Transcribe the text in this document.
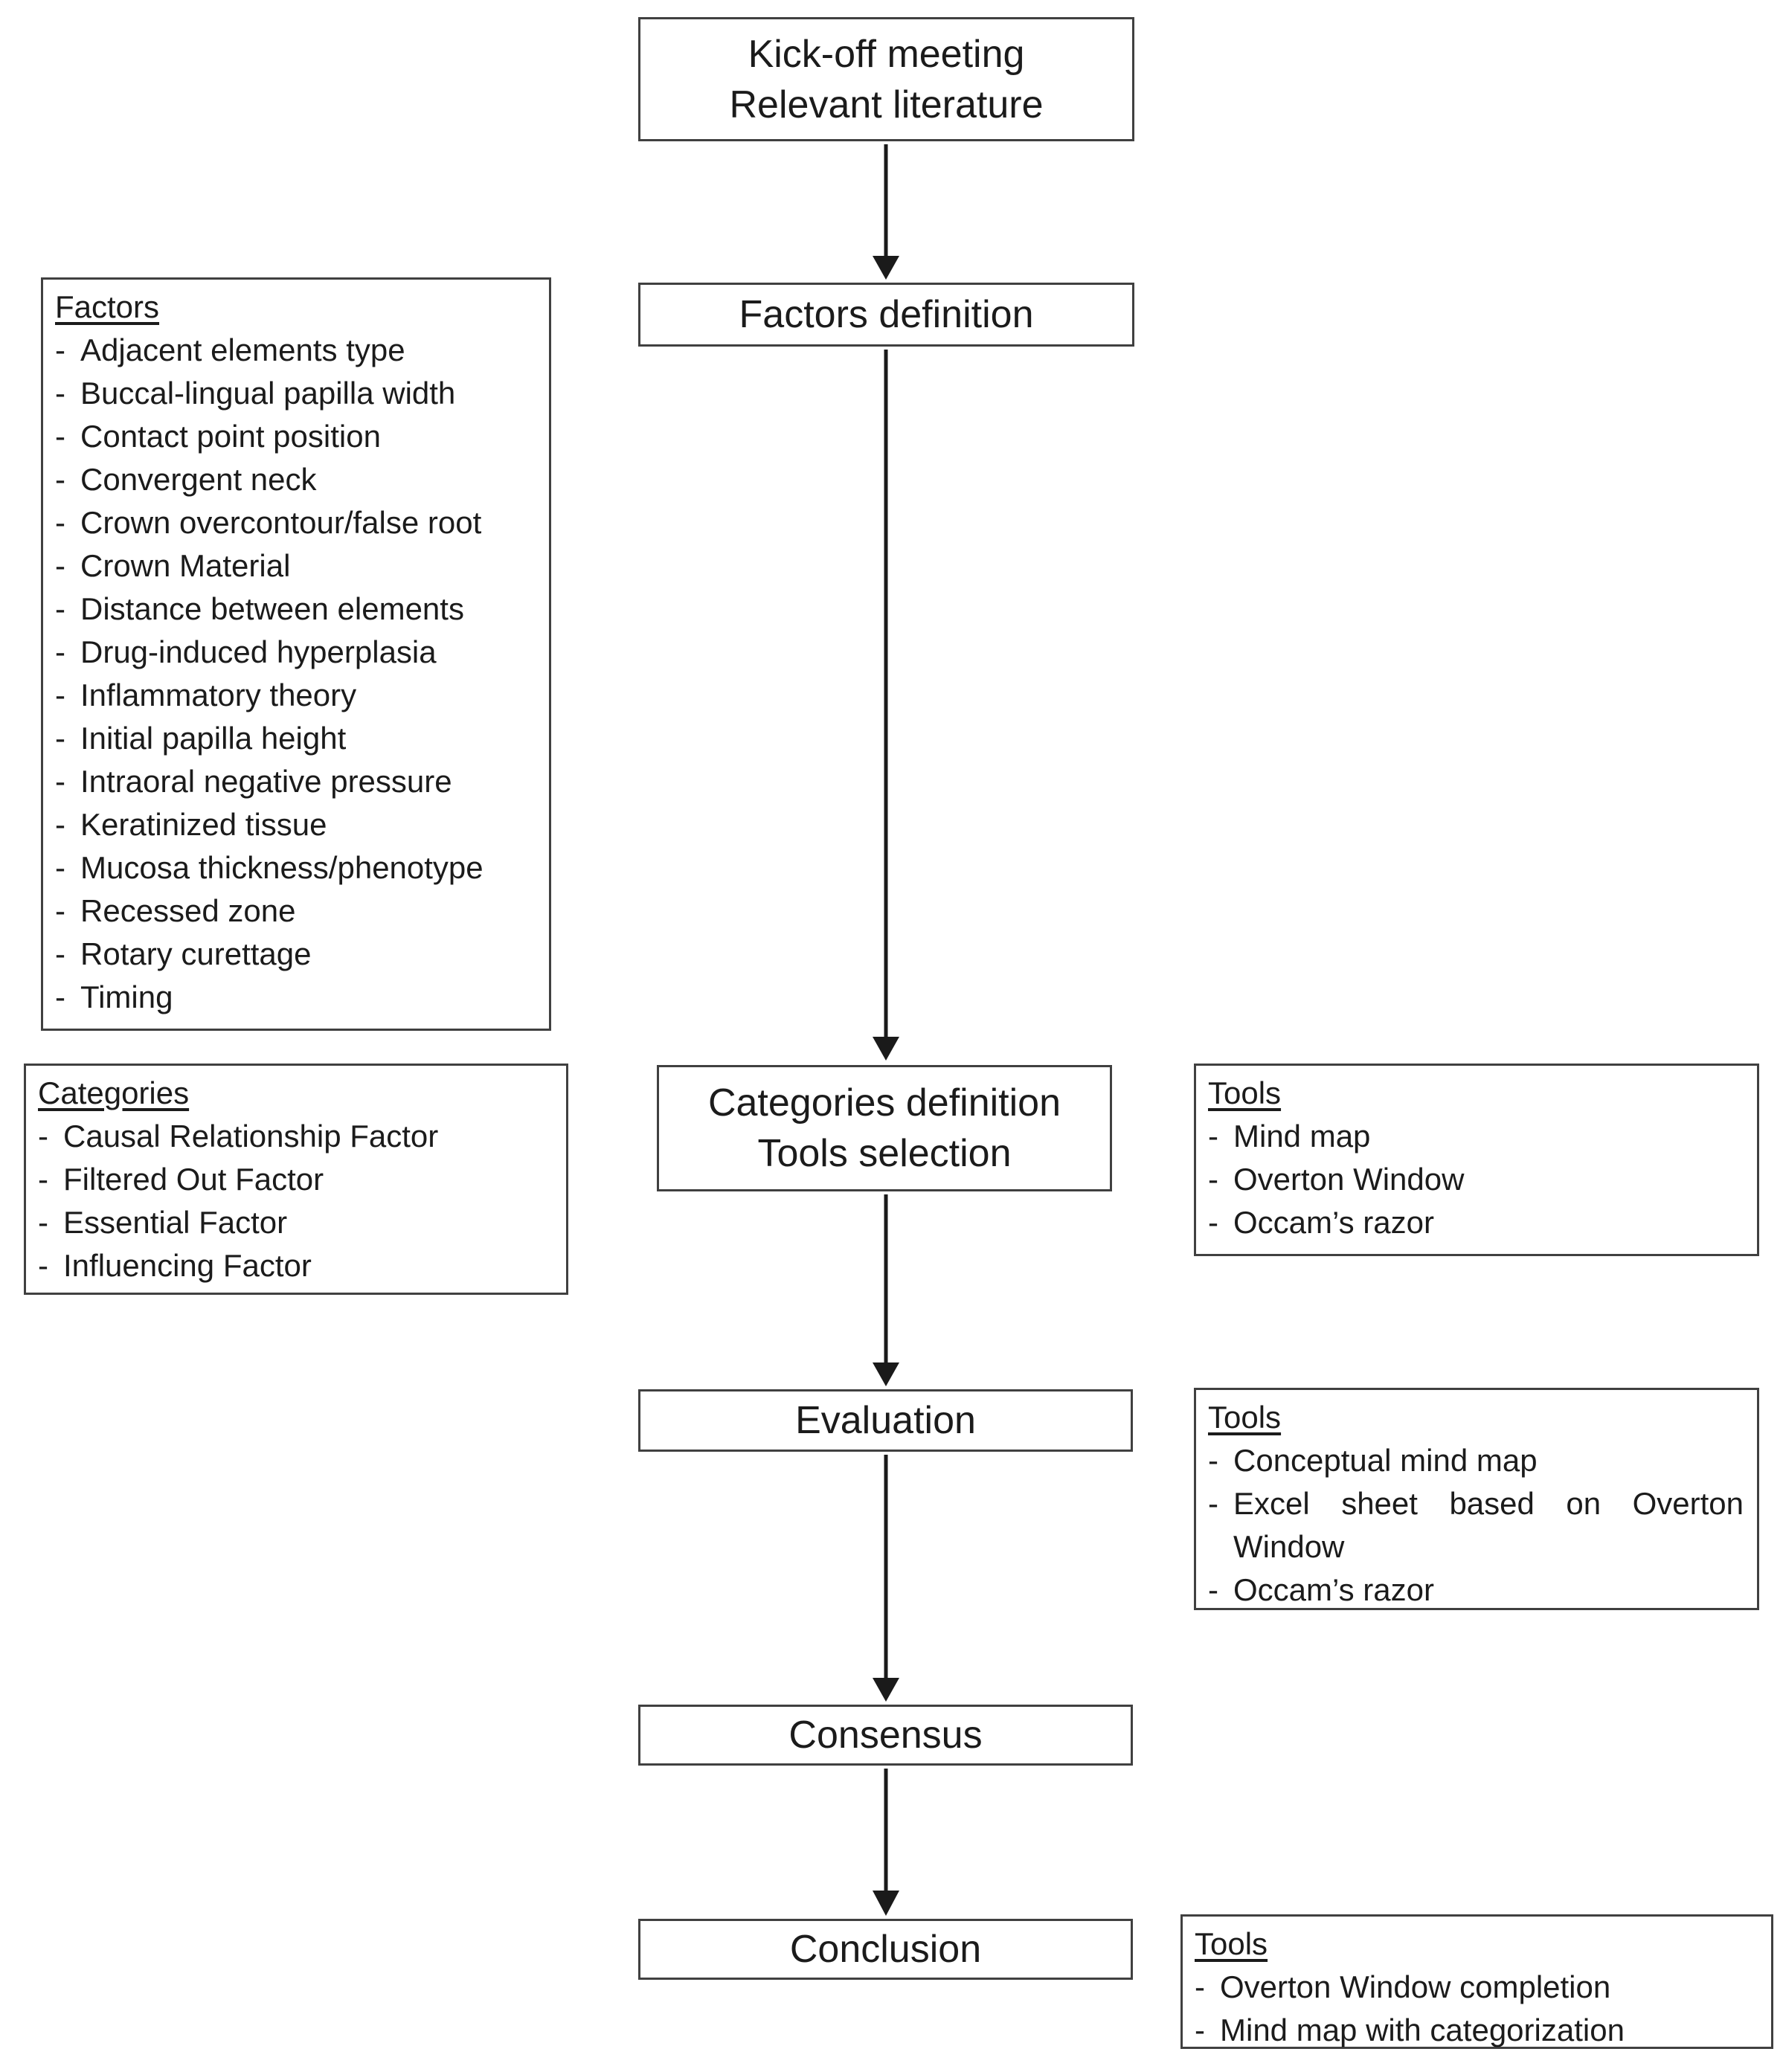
Kick-off meeting
Relevant literature
Factors definition
Categories definition
Tools selection
Evaluation
Consensus
Conclusion
Factors
- Adjacent elements type
- Buccal-lingual papilla width
- Contact point position
- Convergent neck
- Crown overcontour/false root
- Crown Material
- Distance between elements
- Drug-induced hyperplasia
- Inflammatory theory
- Initial papilla height
- Intraoral negative pressure
- Keratinized tissue
- Mucosa thickness/phenotype
- Recessed zone
- Rotary curettage
- Timing
Categories
- Causal Relationship Factor
- Filtered Out Factor
- Essential Factor
- Influencing Factor
Tools
- Mind map
- Overton Window
- Occam’s razor
Tools
- Conceptual mind map
- Excel sheet based on Overton Window
- Occam’s razor
Tools
- Overton Window completion
- Mind map with categorization
